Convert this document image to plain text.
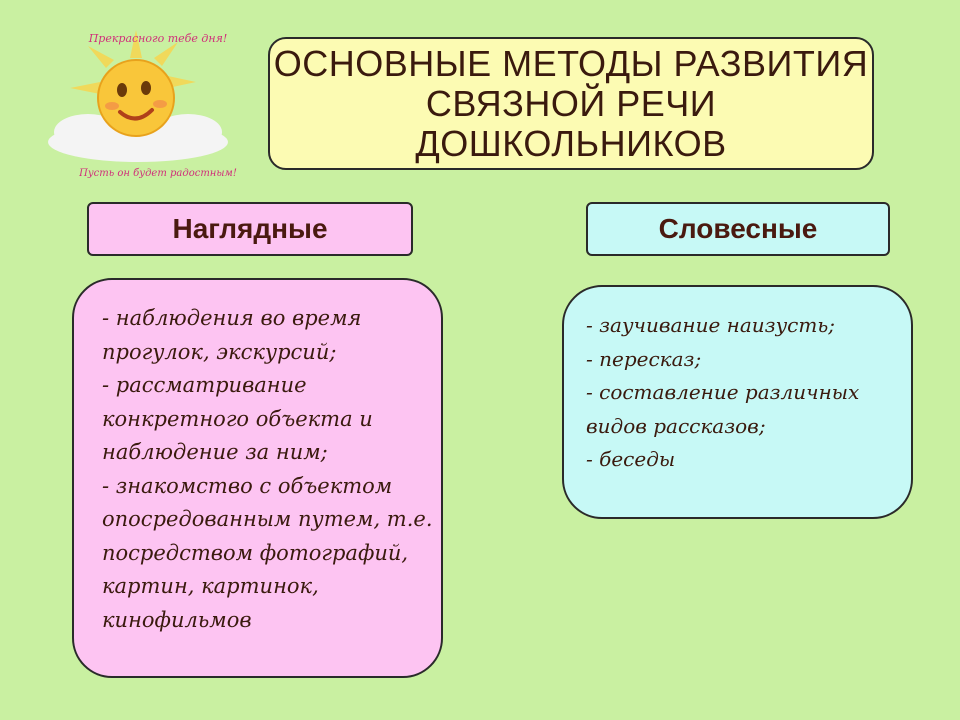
Прекрасного тебе дня!
Пусть он будет радостным!
ОСНОВНЫЕ МЕТОДЫ РАЗВИТИЯ
СВЯЗНОЙ РЕЧИ
ДОШКОЛЬНИКОВ
Наглядные	Словесные
- наблюдения во время
прогулок, экскурсий;
- рассматривание
конкретного объекта и
наблюдение за ним;
- знакомство с объектом
опосредованным путем, т.е.
посредством фотографий,
картин, картинок,
кинофильмов
- заучивание наизусть;
- пересказ;
- составление различных
видов рассказов;
- беседы
